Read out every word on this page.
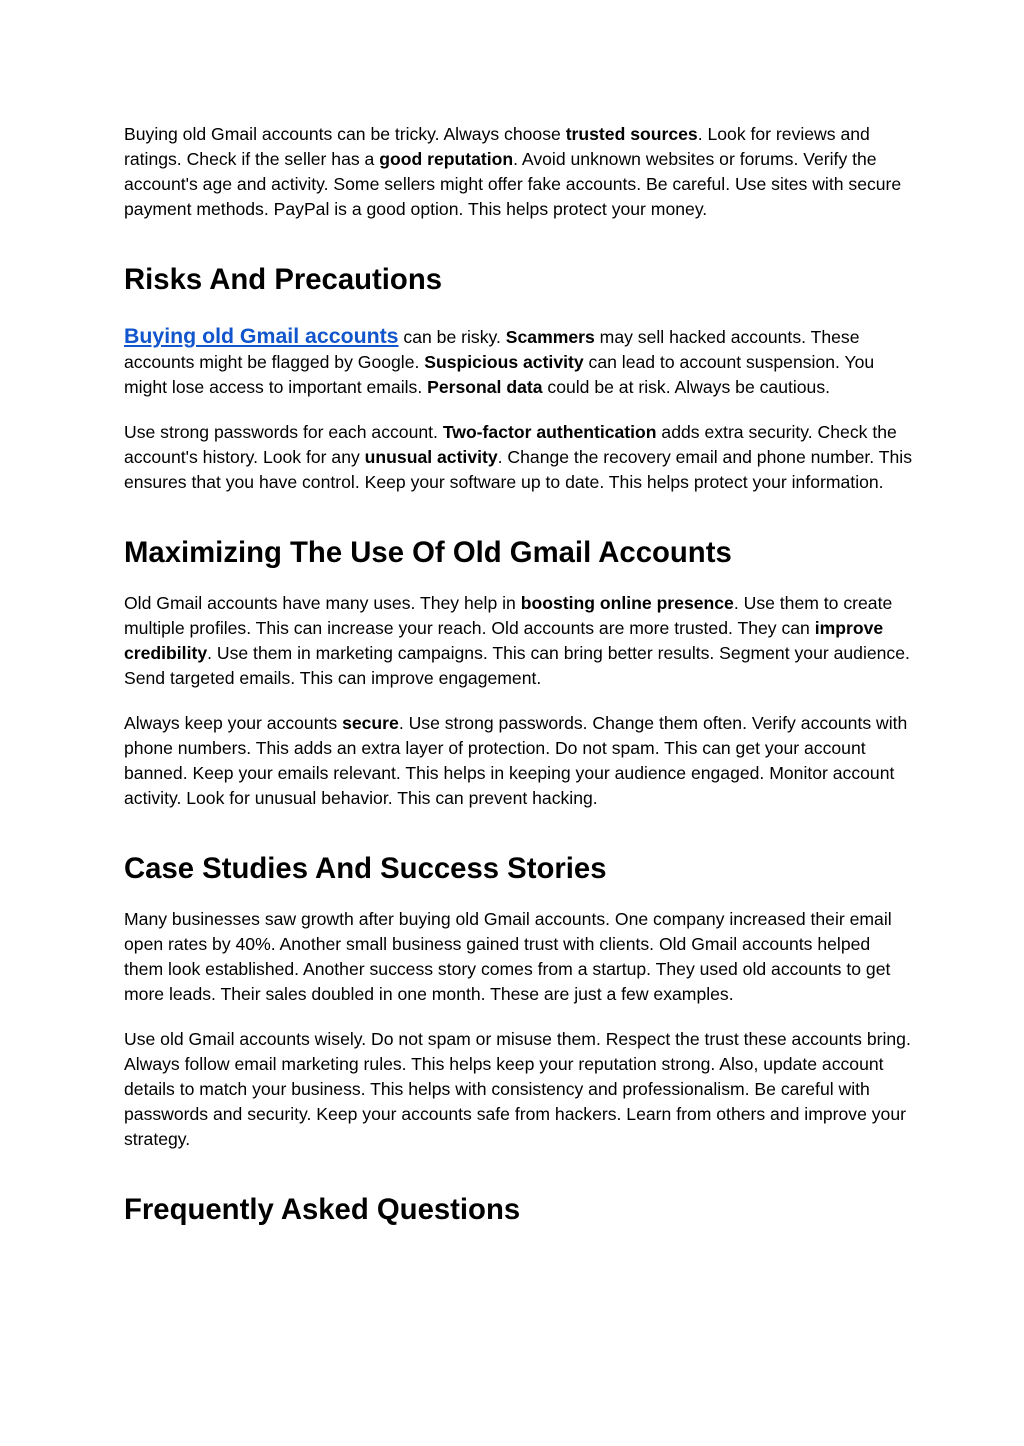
Buying old Gmail accounts can be tricky. Always choose trusted sources. Look for reviews and ratings. Check if the seller has a good reputation. Avoid unknown websites or forums. Verify the account's age and activity. Some sellers might offer fake accounts. Be careful. Use sites with secure payment methods. PayPal is a good option. This helps protect your money.

Risks And Precautions

Buying old Gmail accounts can be risky. Scammers may sell hacked accounts. These accounts might be flagged by Google. Suspicious activity can lead to account suspension. You might lose access to important emails. Personal data could be at risk. Always be cautious.

Use strong passwords for each account. Two-factor authentication adds extra security. Check the account's history. Look for any unusual activity. Change the recovery email and phone number. This ensures that you have control. Keep your software up to date. This helps protect your information.

Maximizing The Use Of Old Gmail Accounts

Old Gmail accounts have many uses. They help in boosting online presence. Use them to create multiple profiles. This can increase your reach. Old accounts are more trusted. They can improve credibility. Use them in marketing campaigns. This can bring better results. Segment your audience. Send targeted emails. This can improve engagement.

Always keep your accounts secure. Use strong passwords. Change them often. Verify accounts with phone numbers. This adds an extra layer of protection. Do not spam. This can get your account banned. Keep your emails relevant. This helps in keeping your audience engaged. Monitor account activity. Look for unusual behavior. This can prevent hacking.

Case Studies And Success Stories

Many businesses saw growth after buying old Gmail accounts. One company increased their email open rates by 40%. Another small business gained trust with clients. Old Gmail accounts helped them look established. Another success story comes from a startup. They used old accounts to get more leads. Their sales doubled in one month. These are just a few examples.

Use old Gmail accounts wisely. Do not spam or misuse them. Respect the trust these accounts bring. Always follow email marketing rules. This helps keep your reputation strong. Also, update account details to match your business. This helps with consistency and professionalism. Be careful with passwords and security. Keep your accounts safe from hackers. Learn from others and improve your strategy.

Frequently Asked Questions
